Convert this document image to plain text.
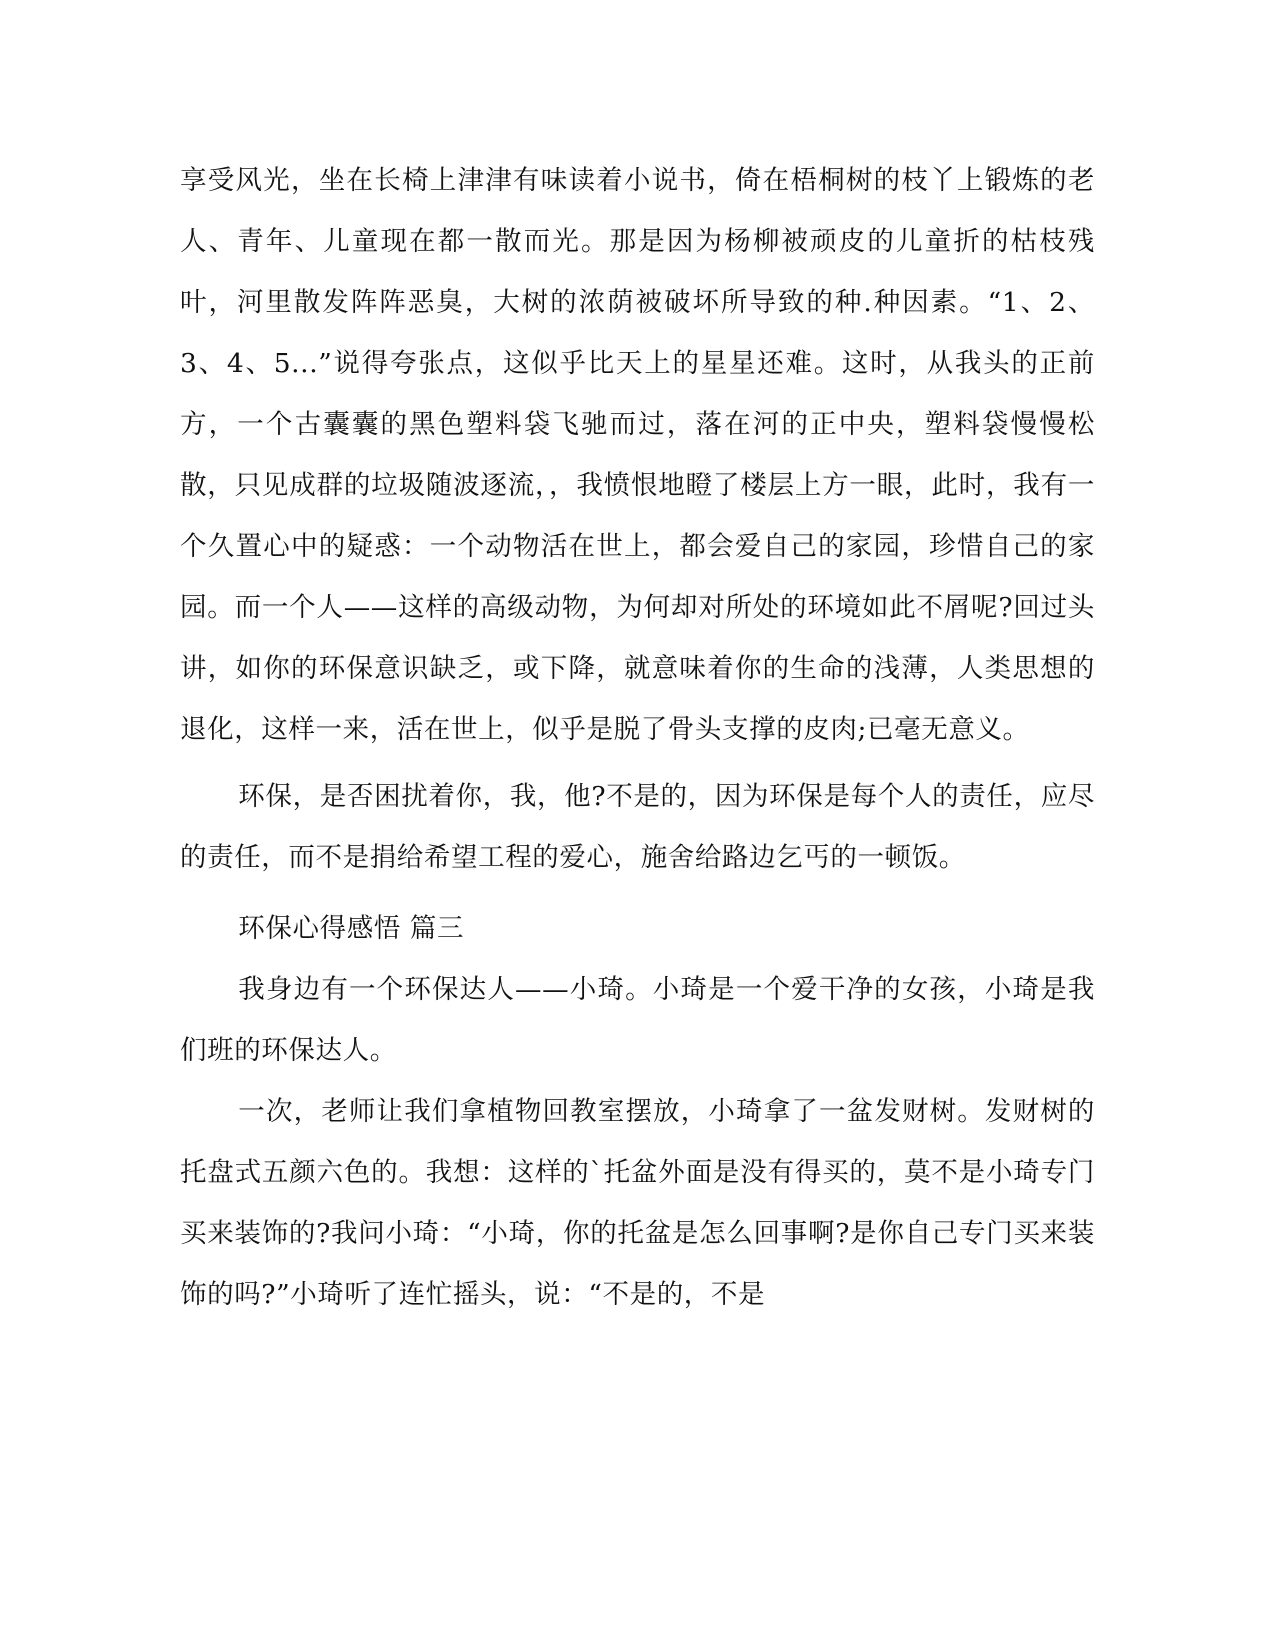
享受风光，坐在长椅上津津有味读着小说书，倚在梧桐树的枝丫上锻炼的老人、青年、儿童现在都一散而光。那是因为杨柳被顽皮的儿童折的枯枝残叶，河里散发阵阵恶臭，大树的浓荫被破坏所导致的种.种因素。“1、2、3、4、5...”说得夸张点，这似乎比天上的星星还难。这时，从我头的正前方，一个古囊囊的黑色塑料袋飞驰而过，落在河的正中央，塑料袋慢慢松散，只见成群的垃圾随波逐流，，我愤恨地瞪了楼层上方一眼，此时，我有一个久置心中的疑惑：一个动物活在世上，都会爱自己的家园，珍惜自己的家园。而一个人——这样的高级动物，为何却对所处的环境如此不屑呢?回过头讲，如你的环保意识缺乏，或下降，就意味着你的生命的浅薄，人类思想的退化，这样一来，活在世上，似乎是脱了骨头支撑的皮肉;已毫无意义。

环保，是否困扰着你，我，他?不是的，因为环保是每个人的责任，应尽的责任，而不是捐给希望工程的爱心，施舍给路边乞丐的一顿饭。

环保心得感悟 篇三

我身边有一个环保达人——小琦。小琦是一个爱干净的女孩，小琦是我们班的环保达人。

一次，老师让我们拿植物回教室摆放，小琦拿了一盆发财树。发财树的托盘式五颜六色的。我想：这样的`托盆外面是没有得买的，莫不是小琦专门买来装饰的?我问小琦：“小琦，你的托盆是怎么回事啊?是你自己专门买来装饰的吗?”小琦听了连忙摇头，说：“不是的，不是
